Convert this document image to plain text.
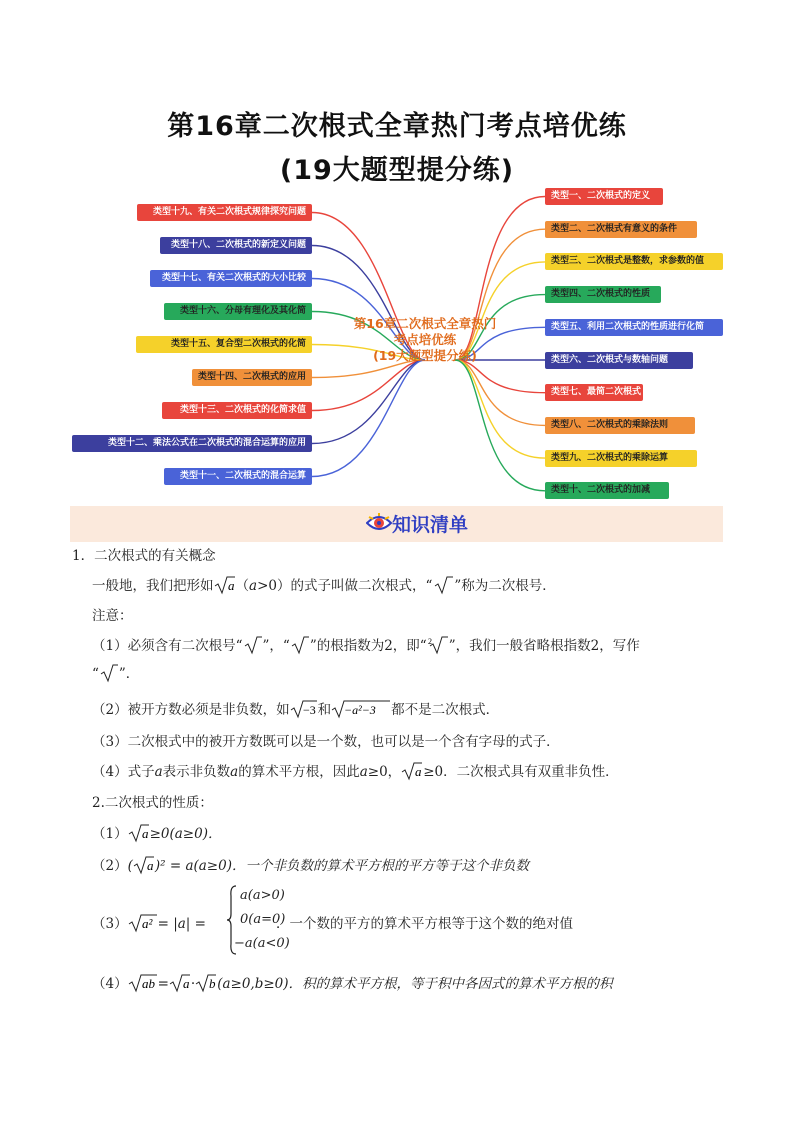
第16章二次根式全章热门考点培优练
(19大题型提分练)
类型一、二次根式的定义
类型二、二次根式有意义的条件
类型三、二次根式是整数，求参数的值
类型四、二次根式的性质
类型五、利用二次根式的性质进行化简
类型六、二次根式与数轴问题
类型七、最简二次根式
类型八、二次根式的乘除法则
类型九、二次根式的乘除运算
类型十、二次根式的加减
类型十九、有关二次根式规律探究问题
类型十八、二次根式的新定义问题
类型十七、有关二次根式的大小比较
类型十六、分母有理化及其化简
类型十五、复合型二次根式的化简
类型十四、二次根式的应用
类型十三、二次根式的化简求值
类型十二、乘法公式在二次根式的混合运算的应用
类型十一、二次根式的混合运算
第16章二次根式全章热门
考点培优练
(19大题型提分练)
知识清单
1．二次根式的有关概念
一般地，我们把形如 a （a>0）的式子叫做二次根式，“ ”称为二次根号．
注意：
（1）必须含有二次根号“ ”，“ ”的根指数为2，即“ 2 ”，我们一般省略根指数2，写作
“ ”．
（2）被开方数必须是非负数，如 −3 和 −a²−3 都不是二次根式．
（3）二次根式中的被开方数既可以是一个数，也可以是一个含有字母的式子．
（4）式子a表示非负数a的算术平方根，因此a≥0， a ≥0．二次根式具有双重非负性．
2.二次根式的性质：
（1） a ≥0(a≥0)．
（2）( a )² = a(a≥0)．一个非负数的算术平方根的平方等于这个非负数
（3） a² = |a| =
a(a>0)
0(a=0)
−a(a<0)
．一个数的平方的算术平方根等于这个数的绝对值
（4） ab = a · b (a≥0,b≥0)．积的算术平方根，等于积中各因式的算术平方根的积
